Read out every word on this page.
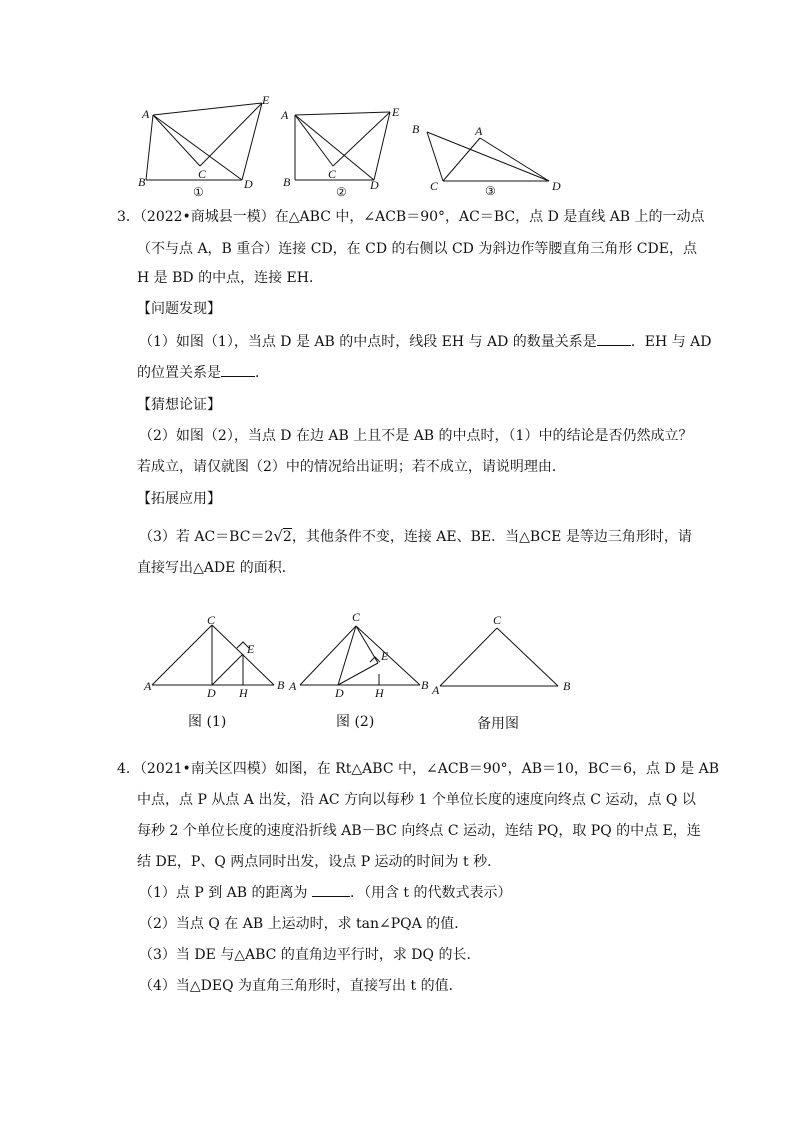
A
E
B
C
D
①
A	E
B
C
D
②
B	A
C	D
③
3．（2022•商城县一模）在△ABC 中，∠ACB＝90°，AC＝BC，点 D 是直线 AB 上的一动点
（不与点 A，B 重合）连接 CD，在 CD 的右侧以 CD 为斜边作等腰直角三角形 CDE，点
H 是 BD 的中点，连接 EH．
【问题发现】
（1）如图（1），当点 D 是 AB 的中点时，线段 EH 与 AD 的数量关系是 ．EH 与 AD
的位置关系是 ．
【猜想论证】
（2）如图（2），当点 D 在边 AB 上且不是 AB 的中点时，（1）中的结论是否仍然成立？
若成立，请仅就图（2）中的情况给出证明；若不成立，请说明理由．
【拓展应用】
（3）若 AC＝BC＝2√2，其他条件不变，连接 AE、BE．当△BCE 是等边三角形时，请
直接写出△ADE 的面积．
C
E
A	D H
B
图 (1)
C
E
A	D	H
B
图 (2)
C
A	B
备用图
4．（2021•南关区四模）如图，在 Rt△ABC 中，∠ACB＝90°，AB＝10，BC＝6，点 D 是 AB
中点，点 P 从点 A 出发，沿 AC 方向以每秒 1 个单位长度的速度向终点 C 运动，点 Q 以
每秒 2 个单位长度的速度沿折线 AB－BC 向终点 C 运动，连结 PQ，取 PQ 的中点 E，连
结 DE，P、Q 两点同时出发，设点 P 运动的时间为 t 秒．
（1）点 P 到 AB 的距离为	．（用含 t 的代数式表示）
（2）当点 Q 在 AB 上运动时，求 tan∠PQA 的值．
（3）当 DE 与△ABC 的直角边平行时，求 DQ 的长．
（4）当△DEQ 为直角三角形时，直接写出 t 的值．
